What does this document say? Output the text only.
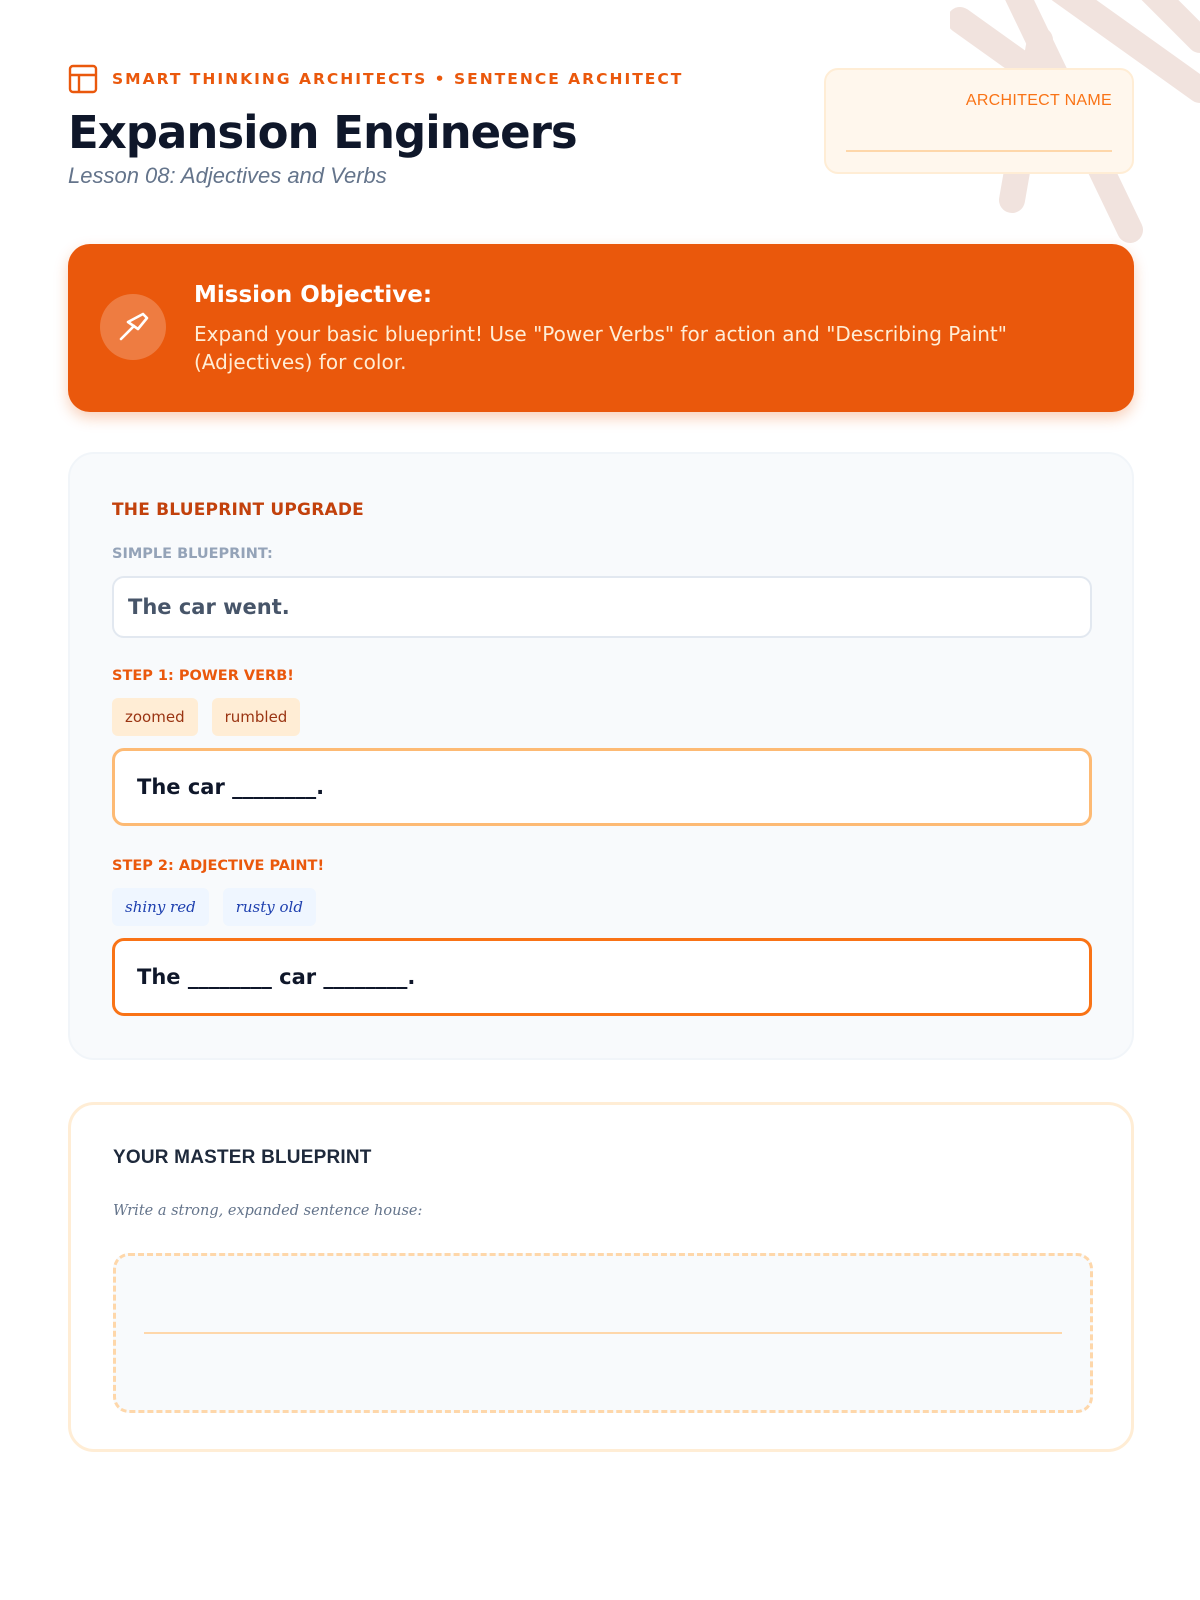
SMART THINKING ARCHITECTS • SENTENCE ARCHITECT
Expansion Engineers
Lesson 08: Adjectives and Verbs
ARCHITECT NAME
Mission Objective:
Expand your basic blueprint! Use "Power Verbs" for action and "Describing Paint" (Adjectives) for color.
THE BLUEPRINT UPGRADE
SIMPLE BLUEPRINT:
The car went.
STEP 1: POWER VERB!
zoomed	rumbled
The car ________.
STEP 2: ADJECTIVE PAINT!
shiny red	rusty old
The ________ car ________.
YOUR MASTER BLUEPRINT
Write a strong, expanded sentence house:
